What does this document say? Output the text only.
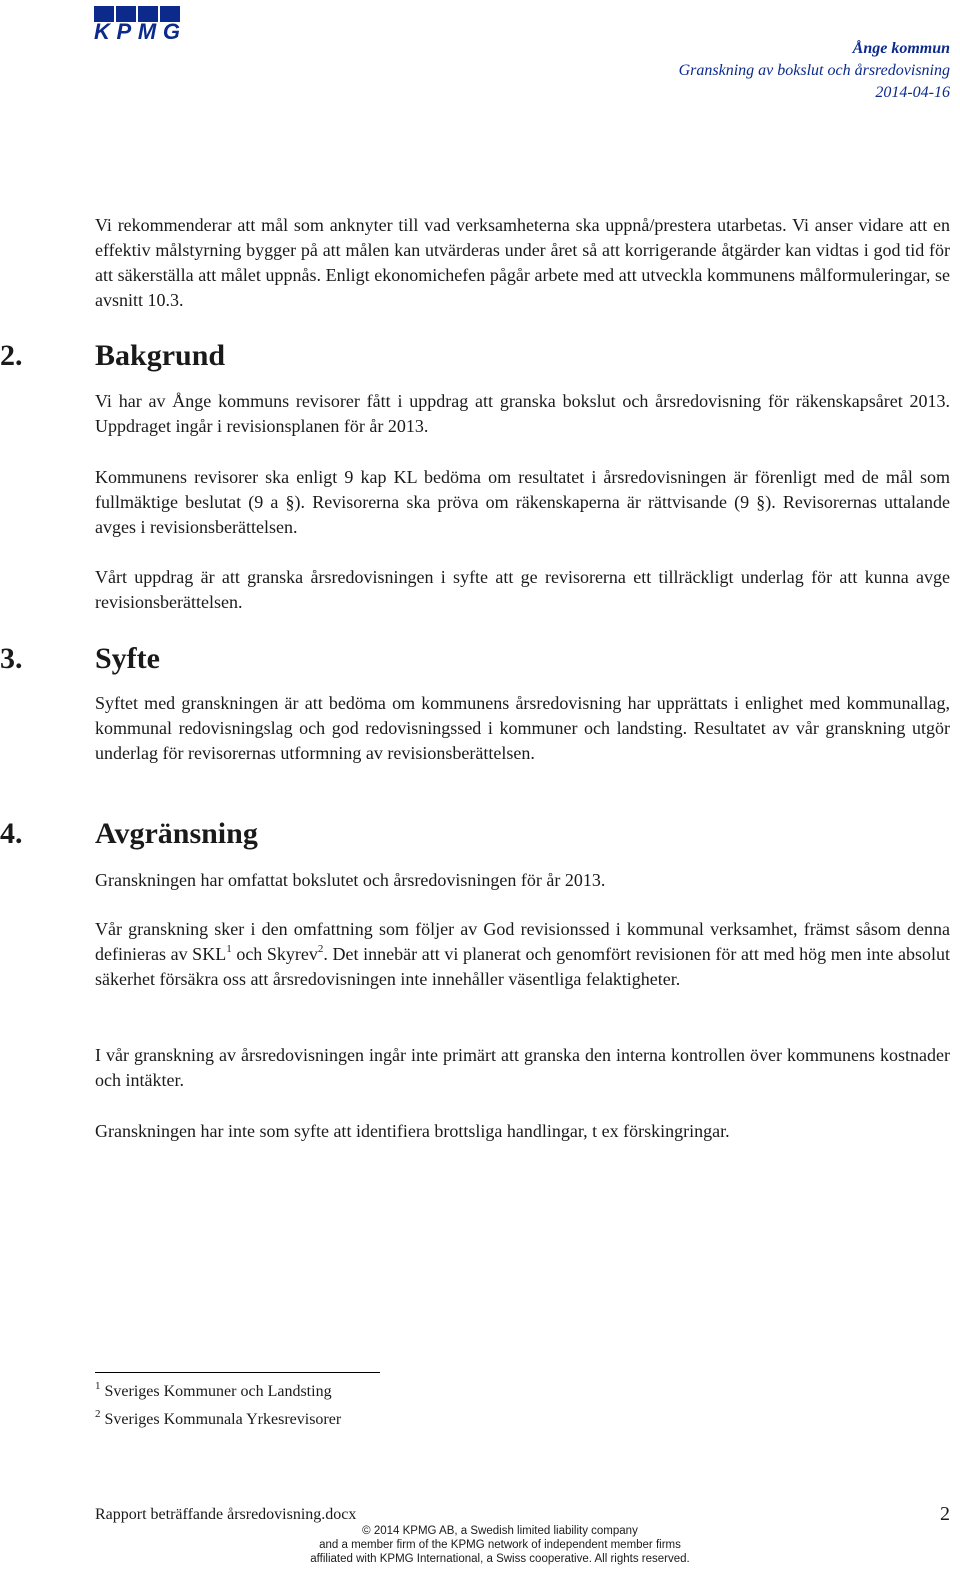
KPMG
Ånge kommun
Granskning av bokslut och årsredovisning
2014-04-16

Vi rekommenderar att mål som anknyter till vad verksamheterna ska uppnå/prestera utarbetas. Vi anser vidare att en effektiv målstyrning bygger på att målen kan utvärderas under året så att korrigerande åtgärder kan vidtas i god tid för att säkerställa att målet uppnås. Enligt ekonomichefen pågår arbete med att utveckla kommunens målformuleringar, se avsnitt 10.3.

2. Bakgrund

Vi har av Ånge kommuns revisorer fått i uppdrag att granska bokslut och årsredovisning för räkenskapsåret 2013. Uppdraget ingår i revisionsplanen för år 2013.

Kommunens revisorer ska enligt 9 kap KL bedöma om resultatet i årsredovisningen är förenligt med de mål som fullmäktige beslutat (9 a §). Revisorerna ska pröva om räkenskaperna är rättvisande (9 §). Revisorernas uttalande avges i revisionsberättelsen.

Vårt uppdrag är att granska årsredovisningen i syfte att ge revisorerna ett tillräckligt underlag för att kunna avge revisionsberättelsen.

3. Syfte

Syftet med granskningen är att bedöma om kommunens årsredovisning har upprättats i enlighet med kommunallag, kommunal redovisningslag och god redovisningssed i kommuner och landsting. Resultatet av vår granskning utgör underlag för revisorernas utformning av revisionsberättelsen.

4. Avgränsning

Granskningen har omfattat bokslutet och årsredovisningen för år 2013.

Vår granskning sker i den omfattning som följer av God revisionssed i kommunal verksamhet, främst såsom denna definieras av SKL$^1$ och Skyrev$^2$. Det innebär att vi planerat och genomfört revisionen för att med hög men inte absolut säkerhet försäkra oss att årsredovisningen inte innehåller väsentliga felaktigheter.

I vår granskning av årsredovisningen ingår inte primärt att granska den interna kontrollen över kommunens kostnader och intäkter.

Granskningen har inte som syfte att identifiera brottsliga handlingar, t ex förskingringar.

$^1$ Sveriges Kommuner och Landsting
$^2$ Sveriges Kommunala Yrkesrevisorer
Rapport beträffande årsredovisning.docx	2
© 2014 KPMG AB, a Swedish limited liability company
and a member firm of the KPMG network of independent member firms
affiliated with KPMG International, a Swiss cooperative. All rights reserved.
